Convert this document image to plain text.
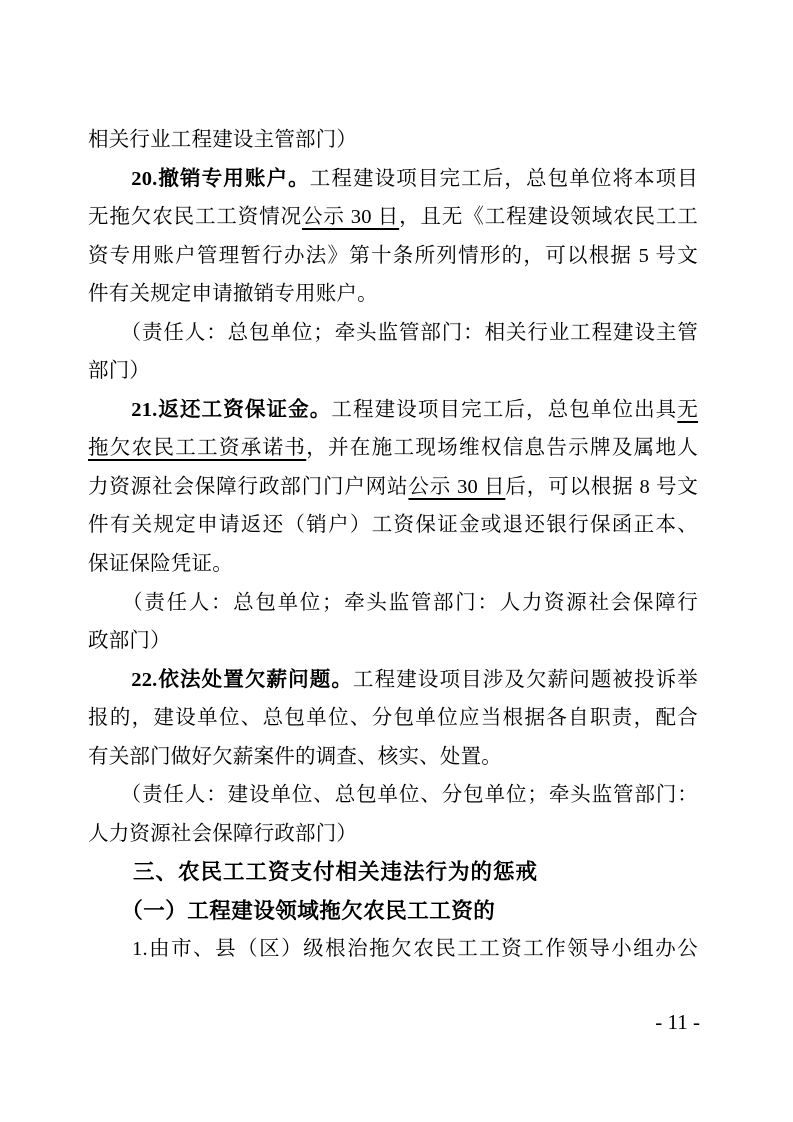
相关行业工程建设主管部门）
　　20.撤销专用账户。工程建设项目完工后，总包单位将本项目
无拖欠农民工工资情况公示 30 日，且无《工程建设领域农民工工
资专用账户管理暂行办法》第十条所列情形的，可以根据 5 号文
件有关规定申请撤销专用账户。
　　（责任人：总包单位；牵头监管部门：相关行业工程建设主管
部门）
　　21.返还工资保证金。工程建设项目完工后，总包单位出具无
拖欠农民工工资承诺书，并在施工现场维权信息告示牌及属地人
力资源社会保障行政部门门户网站公示 30 日后，可以根据 8 号文
件有关规定申请返还（销户）工资保证金或退还银行保函正本、
保证保险凭证。
　　（责任人：总包单位；牵头监管部门：人力资源社会保障行
政部门）
　　22.依法处置欠薪问题。工程建设项目涉及欠薪问题被投诉举
报的，建设单位、总包单位、分包单位应当根据各自职责，配合
有关部门做好欠薪案件的调查、核实、处置。
　　（责任人：建设单位、总包单位、分包单位；牵头监管部门：
人力资源社会保障行政部门）
　　三、农民工工资支付相关违法行为的惩戒
　　（一）工程建设领域拖欠农民工工资的
　　1.由市、县（区）级根治拖欠农民工工资工作领导小组办公
- 11 -
